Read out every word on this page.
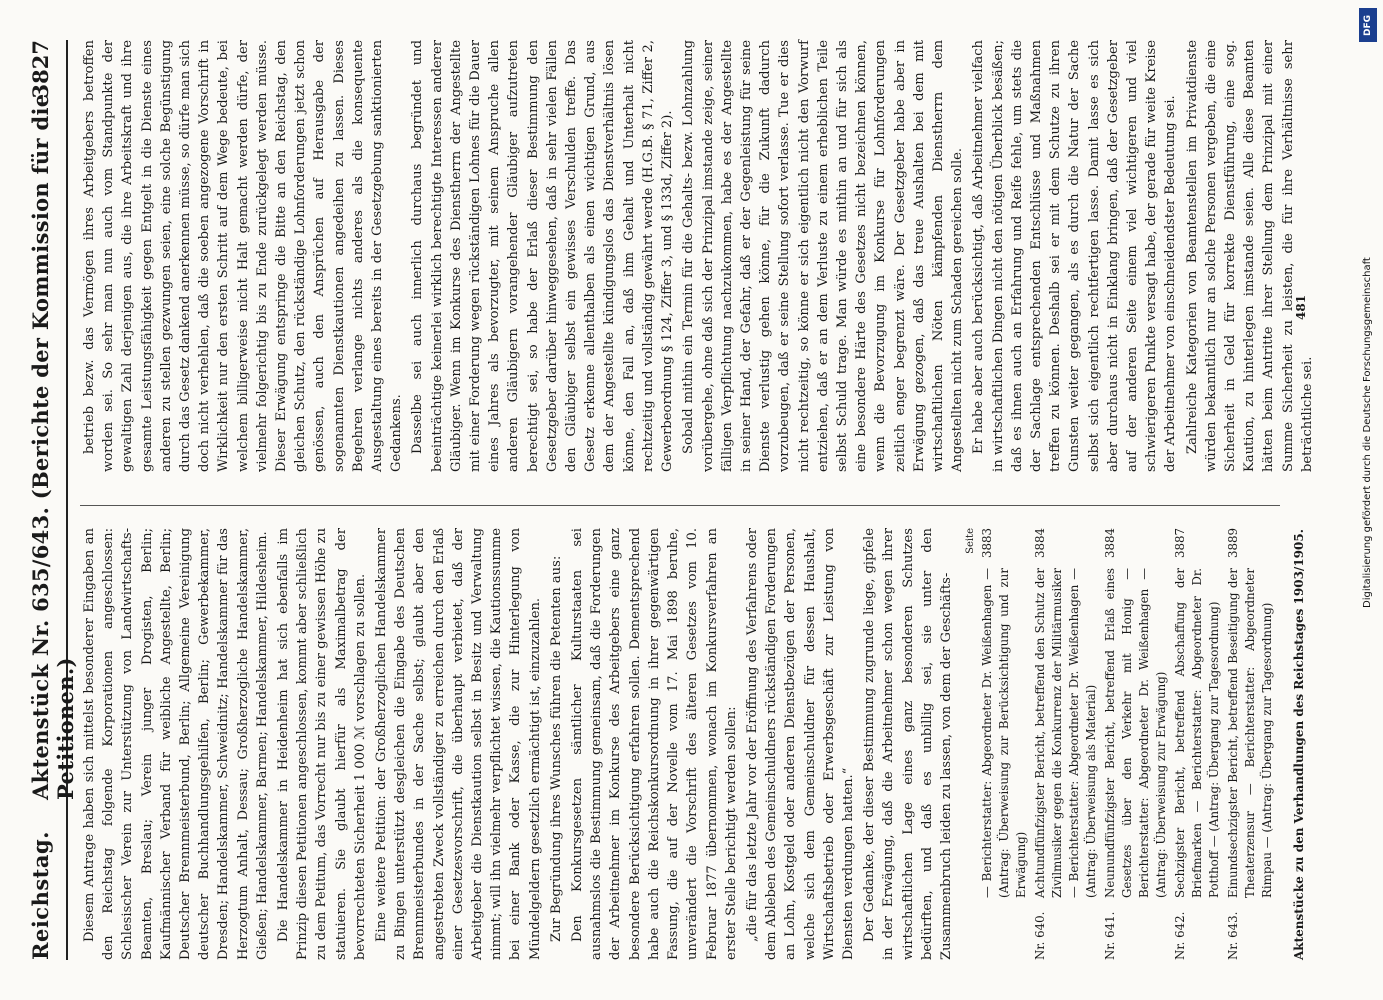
Reichstag.
Aktenstück Nr. 635/643. (Berichte der Kommission für die Petitionen.)
3827

Diesem Antrage haben sich mittelst besonderer Eingaben an den Reichstag folgende Korporationen angeschlossen: Schlesischer Verein zur Unterstützung von Landwirtschafts-Beamten, Breslau; Verein junger Drogisten, Berlin; Kaufmännischer Verband für weibliche Angestellte, Berlin; Deutscher Brennmeisterbund, Berlin; Allgemeine Vereinigung deutscher Buchhandlungsgehilfen, Berlin; Gewerbekammer, Dresden; Handelskammer, Schweidnitz; Handelskammer für das Herzogtum Anhalt, Dessau; Großherzogliche Handelskammer, Gießen; Handelskammer, Barmen; Handelskammer, Hildesheim. Die Handelskammer in Heidenheim hat sich ebenfalls im Prinzip diesen Petitionen angeschlossen, kommt aber schließlich zu dem Petitum, das Vorrecht nur bis zu einer gewissen Höhe zu statuieren. Sie glaubt hierfür als Maximalbetrag der bevorrechteten Sicherheit 1 000 ℳ vorschlagen zu sollen. Eine weitere Petition: der Großherzoglichen Handelskammer zu Bingen unterstützt desgleichen die Eingabe des Deutschen Brennmeisterbundes in der Sache selbst; glaubt aber den angestrebten Zweck vollständiger zu erreichen durch den Erlaß einer Gesetzesvorschrift, die überhaupt verbietet, daß der Arbeitgeber die Dienstkaution selbst in Besitz und Verwaltung nimmt; will ihn vielmehr verpflichtet wissen, die Kautionssumme bei einer Bank oder Kasse, die zur Hinterlegung von Mündelgeldern gesetzlich ermächtigt ist, einzuzahlen. Zur Begründung ihres Wunsches führen die Petenten aus: Den Konkursgesetzen sämtlicher Kulturstaaten sei ausnahmslos die Bestimmung gemeinsam, daß die Forderungen der Arbeitnehmer im Konkurse des Arbeitgebers eine ganz besondere Berücksichtigung erfahren sollen. Dementsprechend habe auch die Reichskonkursordnung in ihrer gegenwärtigen Fassung, die auf der Novelle vom 17. Mai 1898 beruhe, unverändert die Vorschrift des älteren Gesetzes vom 10. Februar 1877 übernommen, wonach im Konkursverfahren an erster Stelle berichtigt werden sollen: „die für das letzte Jahr vor der Eröffnung des Verfahrens oder dem Ableben des Gemeinschuldners rückständigen Forderungen an Lohn, Kostgeld oder anderen Dienstbezügen der Personen, welche sich dem Gemeinschuldner für dessen Haushalt, Wirtschaftsbetrieb oder Erwerbsgeschäft zur Leistung von Diensten verdungen hatten.“ Der Gedanke, der dieser Bestimmung zugrunde liege, gipfele in der Erwägung, daß die Arbeitnehmer schon wegen ihrer wirtschaftlichen Lage eines ganz besonderen Schutzes bedürften, und daß es unbillig sei, sie unter den Zusammenbruch leiden zu lassen, von dem der Geschäfts-

Seite
— Berichterstatter: Abgeordneter Dr. Weißenhagen — (Antrag: Überweisung zur Berücksichtigung und zur Erwägung)
3883
Nr. 640.
Achtundfünfzigster Bericht, betreffend den Schutz der Zivilmusiker gegen die Konkurrenz der Militärmusiker — Berichterstatter: Abgeordneter Dr. Weißenhagen — (Antrag: Überweisung als Material)
3884
Nr. 641.
Neunundfünfzigster Bericht, betreffend Erlaß eines Gesetzes über den Verkehr mit Honig — Berichterstatter: Abgeordneter Dr. Weißenhagen — (Antrag: Überweisung zur Erwägung)
3884
Nr. 642.
Sechzigster Bericht, betreffend Abschaffung der Briefmarken — Berichterstatter: Abgeordneter Dr. Potthoff — (Antrag: Übergang zur Tagesordnung)
3887
Nr. 643.
Einundsechzigster Bericht, betreffend Beseitigung der Theaterzensur — Berichterstatter: Abgeordneter Rimpau — (Antrag: Übergang zur Tagesordnung)
3889

betrieb bezw. das Vermögen ihres Arbeitgebers betroffen worden sei. So sehr man nun auch vom Standpunkte der gewaltigen Zahl derjenigen aus, die ihre Arbeitskraft und ihre gesamte Leistungsfähigkeit gegen Entgelt in die Dienste eines anderen zu stellen gezwungen seien, eine solche Begünstigung durch das Gesetz dankend anerkennen müsse, so dürfe man sich doch nicht verhehlen, daß die soeben angezogene Vorschrift in Wirklichkeit nur den ersten Schritt auf dem Wege bedeute, bei welchem billigerweise nicht Halt gemacht werden dürfe, der vielmehr folgerichtig bis zu Ende zurückgelegt werden müsse. Dieser Erwägung entspringe die Bitte an den Reichstag, den gleichen Schutz, den rückständige Lohnforderungen jetzt schon genössen, auch den Ansprüchen auf Herausgabe der sogenannten Dienstkautionen angedeihen zu lassen. Dieses Begehren verlange nichts anderes als die konsequente Ausgestaltung eines bereits in der Gesetzgebung sanktionierten Gedankens. Dasselbe sei auch innerlich durchaus begründet und beeinträchtige keinerlei wirklich berechtigte Interessen anderer Gläubiger. Wenn im Konkurse des Dienstherrn der Angestellte mit einer Forderung wegen rückständigen Lohnes für die Dauer eines Jahres als bevorzugter, mit seinem Anspruche allen anderen Gläubigern vorangehender Gläubiger aufzutreten berechtigt sei, so habe der Erlaß dieser Bestimmung den Gesetzgeber darüber hinweggesehen, daß in sehr vielen Fällen den Gläubiger selbst ein gewisses Verschulden treffe. Das Gesetz erkenne allenthalben als einen wichtigen Grund, aus dem der Angestellte kündigungslos das Dienstverhältnis lösen könne, den Fall an, daß ihm Gehalt und Unterhalt nicht rechtzeitig und vollständig gewährt werde (H.G.B. § 71, Ziffer 2, Gewerbeordnung § 124, Ziffer 3, und § 133d, Ziffer 2). Sobald mithin ein Termin für die Gehalts- bezw. Lohnzahlung vorübergehe, ohne daß sich der Prinzipal imstande zeige, seiner fälligen Verpflichtung nachzukommen, habe es der Angestellte in seiner Hand, der Gefahr, daß er der Gegenleistung für seine Dienste verlustig gehen könne, für die Zukunft dadurch vorzubeugen, daß er seine Stellung sofort verlasse. Tue er dies nicht rechtzeitig, so könne er sich eigentlich nicht den Vorwurf entziehen, daß er an dem Verluste zu einem erheblichen Teile selbst Schuld trage. Man würde es mithin an und für sich als eine besondere Härte des Gesetzes nicht bezeichnen können, wenn die Bevorzugung im Konkurse für Lohnforderungen zeitlich enger begrenzt wäre. Der Gesetzgeber habe aber in Erwägung gezogen, daß das treue Aushalten bei dem mit wirtschaftlichen Nöten kämpfenden Dienstherrn dem Angestellten nicht zum Schaden gereichen solle. Er habe aber auch berücksichtigt, daß Arbeitnehmer vielfach in wirtschaftlichen Dingen nicht den nötigen Überblick besäßen; daß es ihnen auch an Erfahrung und Reife fehle, um stets die der Sachlage entsprechenden Entschlüsse und Maßnahmen treffen zu können. Deshalb sei er mit dem Schutze zu ihren Gunsten weiter gegangen, als es durch die Natur der Sache selbst sich eigentlich rechtfertigen lasse. Damit lasse es sich aber durchaus nicht in Einklang bringen, daß der Gesetzgeber auf der anderen Seite einem viel wichtigeren und viel schwierigeren Punkte versagt habe, der gerade für weite Kreise der Arbeitnehmer von einschneidendster Bedeutung sei. Zahlreiche Kategorien von Beamtenstellen im Privatdienste würden bekanntlich nur an solche Personen vergeben, die eine Sicherheit in Geld für korrekte Dienstführung, eine sog. Kaution, zu hinterlegen imstande seien. Alle diese Beamten hätten beim Antritte ihrer Stellung dem Prinzipal mit einer Summe Sicherheit zu leisten, die für ihre Verhältnisse sehr beträchtliche sei.

Aktenstücke zu den Verhandlungen des Reichstages 1903/1905.
481
DFG
Digitalisierung gefördert durch die Deutsche Forschungsgemeinschaft
